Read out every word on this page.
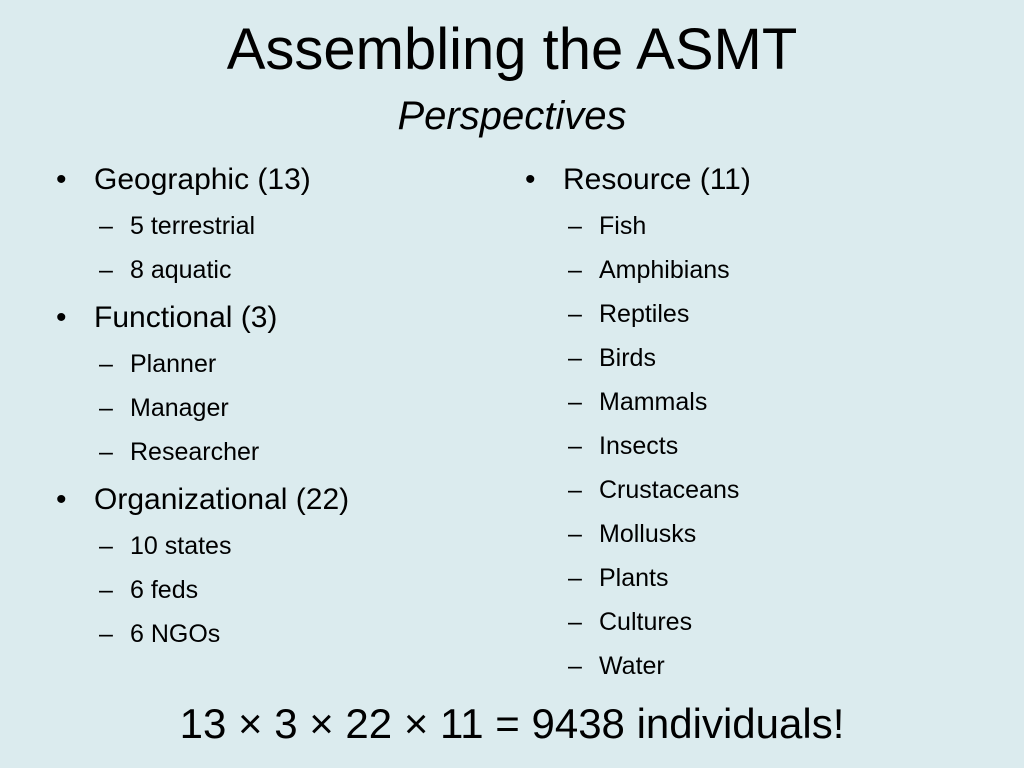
Assembling the ASMT
Perspectives
• Geographic (13)
– 5 terrestrial
– 8 aquatic
• Functional (3)
– Planner
– Manager
– Researcher
• Organizational (22)
– 10 states
– 6 feds
– 6 NGOs
• Resource (11)
– Fish
– Amphibians
– Reptiles
– Birds
– Mammals
– Insects
– Crustaceans
– Mollusks
– Plants
– Cultures
– Water
13 × 3 × 22 × 11 = 9438 individuals!
